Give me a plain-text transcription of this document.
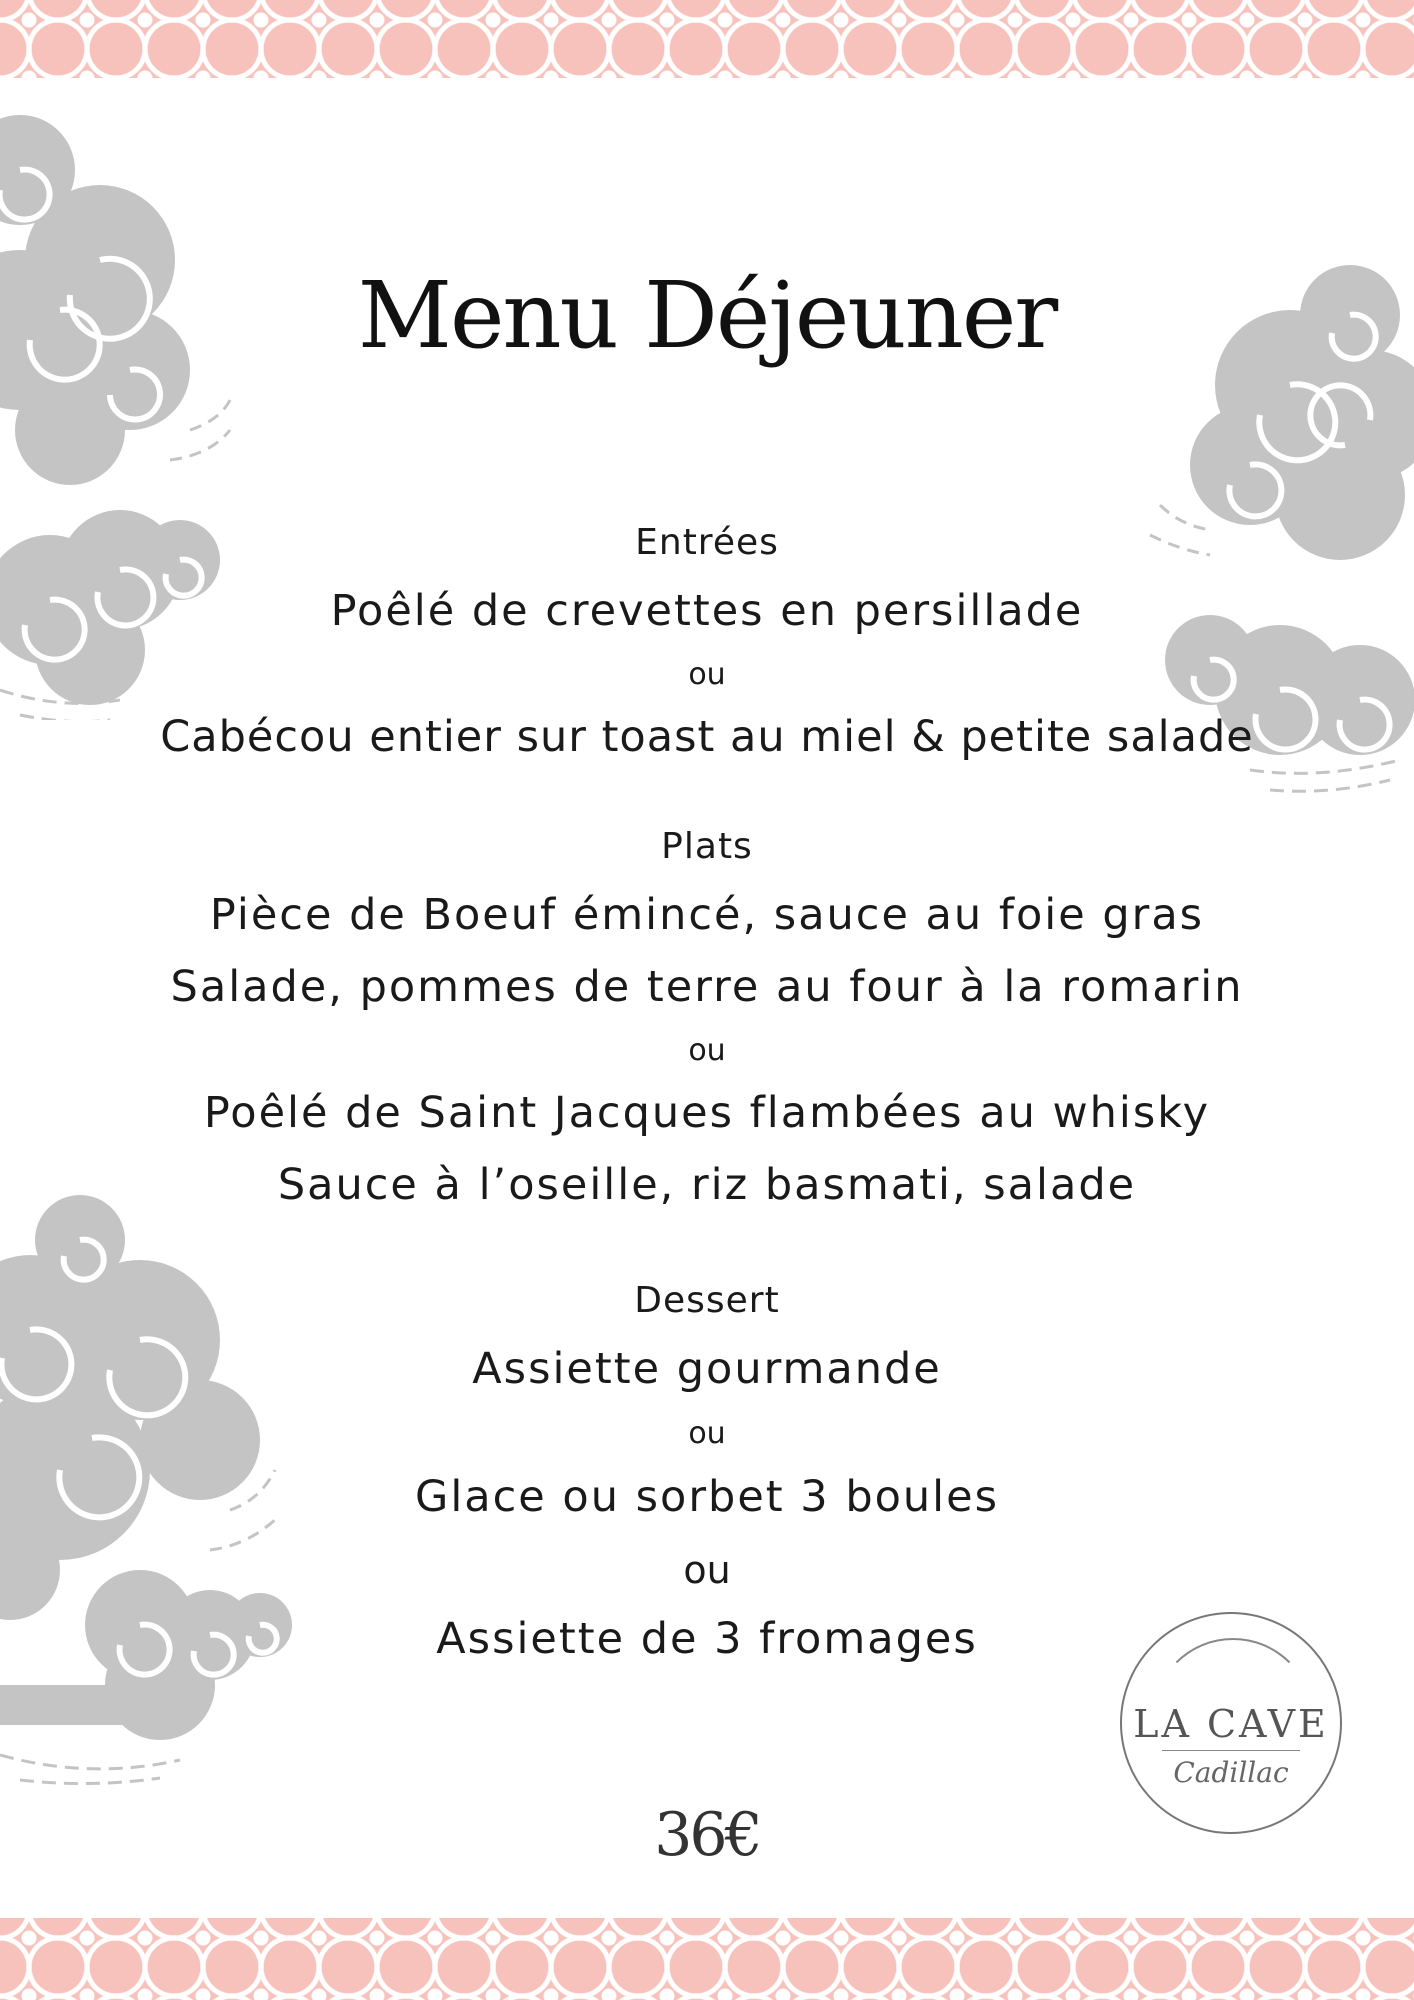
Menu Déjeuner

Entrées

Poêlé de crevettes en persillade

ou

Cabécou entier sur toast au miel & petite salade

Plats

Pièce de Boeuf émincé, sauce au foie gras

Salade, pommes de terre au four à la romarin

ou

Poêlé de Saint Jacques flambées au whisky

Sauce à l’oseille, riz basmati, salade

Dessert

Assiette gourmande

ou

Glace ou sorbet 3 boules

ou

Assiette de 3 fromages

36€
LA CAVE
Cadillac
